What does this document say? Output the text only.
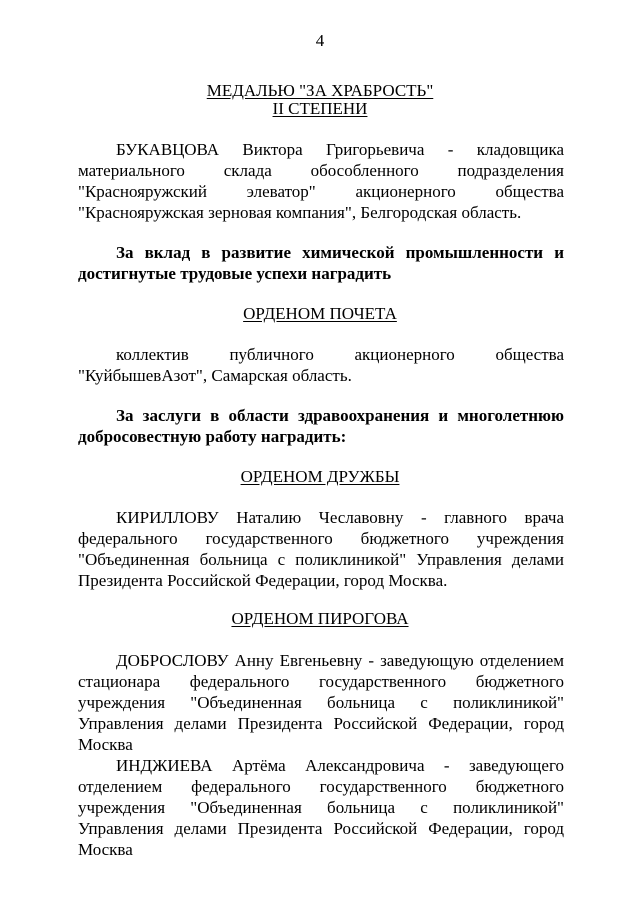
4
МЕДАЛЬЮ "ЗА ХРАБРОСТЬ"
II СТЕПЕНИ

БУКАВЦОВА Виктора Григорьевича - кладовщика материального склада обособленного подразделения "Краснояружский элеватор" акционерного общества "Краснояружская зерновая компания", Белгородская область.

За вклад в развитие химической промышленности и достигнутые трудовые успехи наградить

ОРДЕНОМ ПОЧЕТА

коллектив публичного акционерного общества "КуйбышевАзот", Самарская область.

За заслуги в области здравоохранения и многолетнюю добросовестную работу наградить:

ОРДЕНОМ ДРУЖБЫ

КИРИЛЛОВУ Наталию Чеславовну - главного врача федерального государственного бюджетного учреждения "Объединенная больница с поликлиникой" Управления делами Президента Российской Федерации, город Москва.

ОРДЕНОМ ПИРОГОВА

ДОБРОСЛОВУ Анну Евгеньевну - заведующую отделением стационара федерального государственного бюджетного учреждения "Объединенная больница с поликлиникой" Управления делами Президента Российской Федерации, город Москва

ИНДЖИЕВА Артёма Александровича - заведующего отделением федерального государственного бюджетного учреждения "Объединенная больница с поликлиникой" Управления делами Президента Российской Федерации, город Москва
